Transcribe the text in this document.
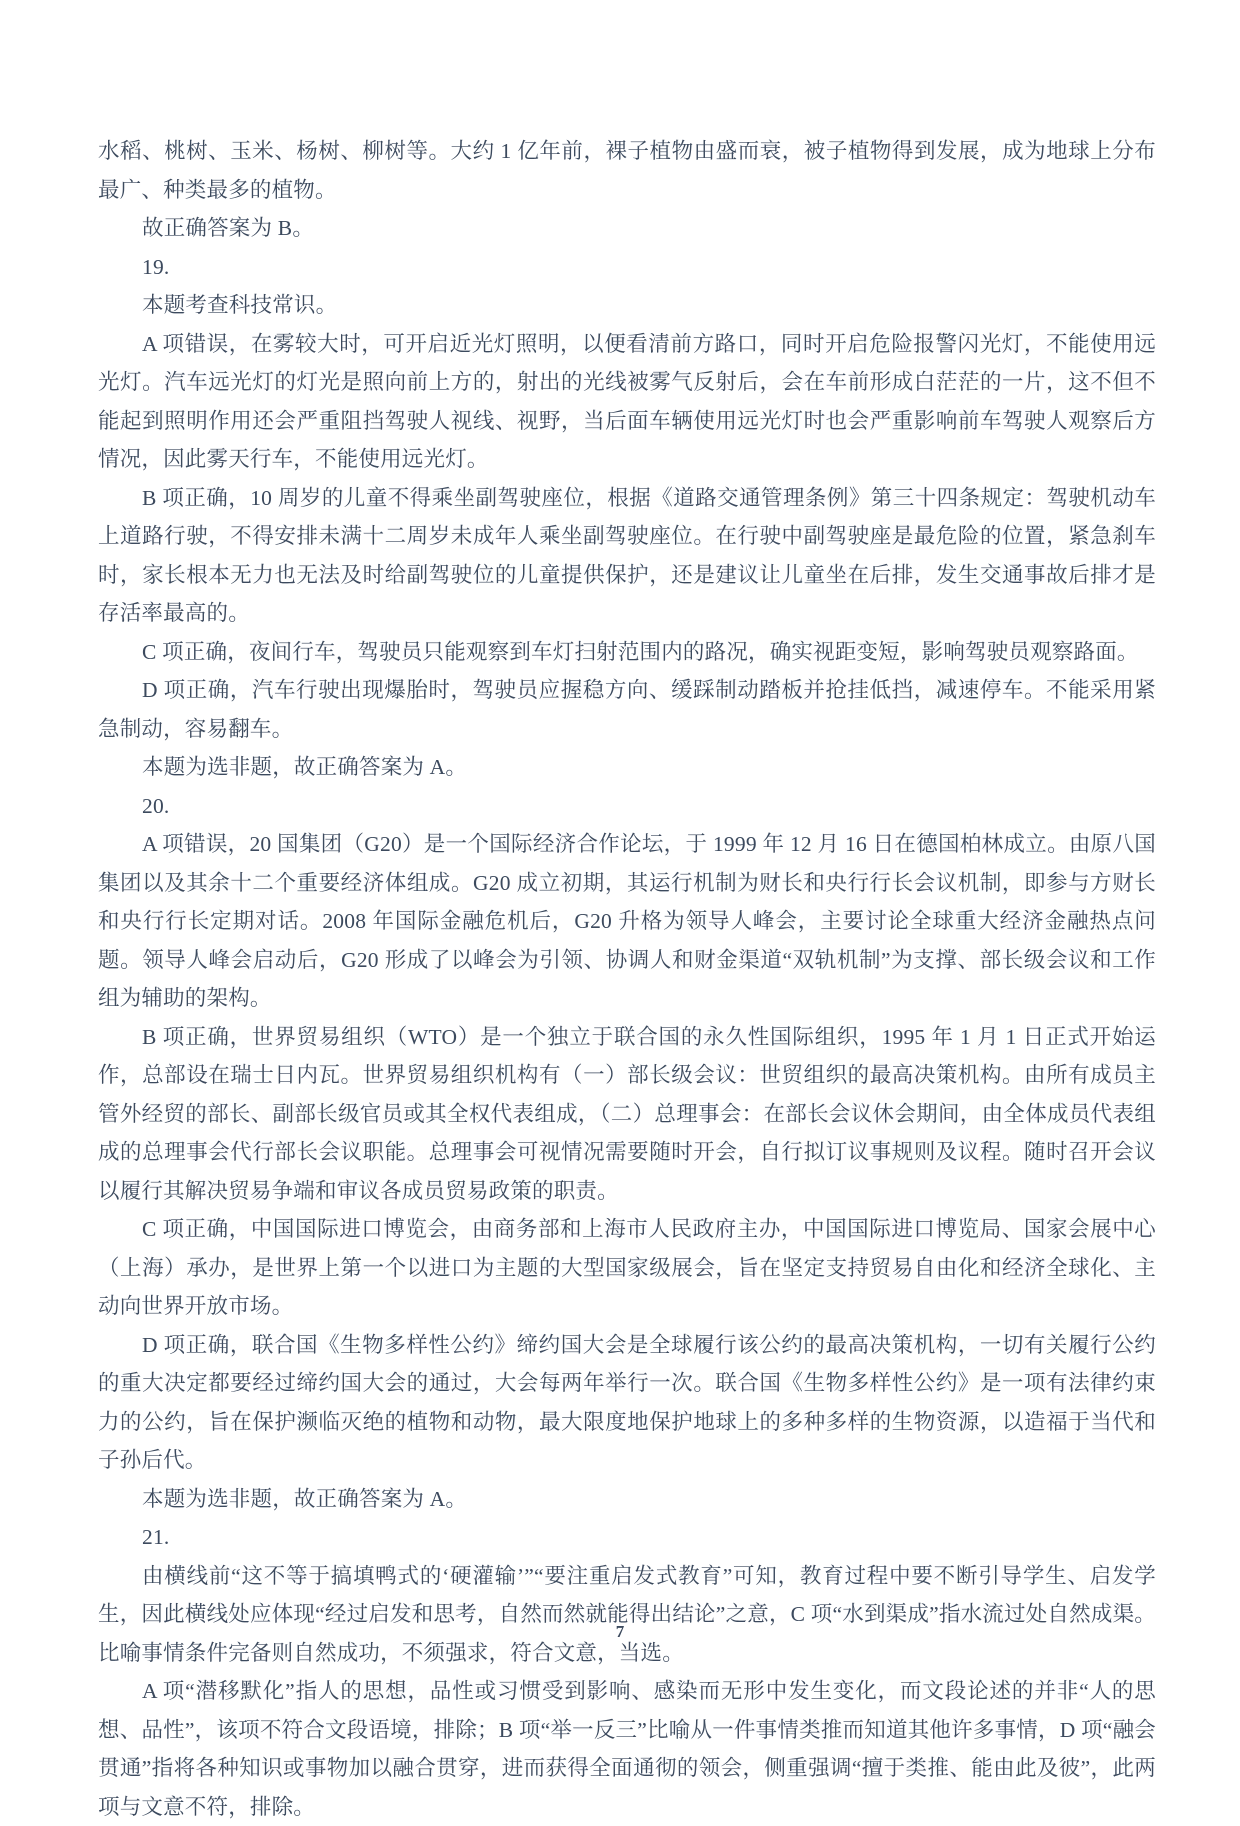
水稻、桃树、玉米、杨树、柳树等。大约 1 亿年前，裸子植物由盛而衰，被子植物得到发展，成为地球上分布最广、种类最多的植物。

故正确答案为 B。

19.

本题考查科技常识。

A 项错误，在雾较大时，可开启近光灯照明，以便看清前方路口，同时开启危险报警闪光灯，不能使用远光灯。汽车远光灯的灯光是照向前上方的，射出的光线被雾气反射后，会在车前形成白茫茫的一片，这不但不能起到照明作用还会严重阻挡驾驶人视线、视野，当后面车辆使用远光灯时也会严重影响前车驾驶人观察后方情况，因此雾天行车，不能使用远光灯。

B 项正确，10 周岁的儿童不得乘坐副驾驶座位，根据《道路交通管理条例》第三十四条规定：驾驶机动车上道路行驶，不得安排未满十二周岁未成年人乘坐副驾驶座位。在行驶中副驾驶座是最危险的位置，紧急刹车时，家长根本无力也无法及时给副驾驶位的儿童提供保护，还是建议让儿童坐在后排，发生交通事故后排才是存活率最高的。

C 项正确，夜间行车，驾驶员只能观察到车灯扫射范围内的路况，确实视距变短，影响驾驶员观察路面。

D 项正确，汽车行驶出现爆胎时，驾驶员应握稳方向、缓踩制动踏板并抢挂低挡，减速停车。不能采用紧急制动，容易翻车。

本题为选非题，故正确答案为 A。

20.

A 项错误，20 国集团（G20）是一个国际经济合作论坛，于 1999 年 12 月 16 日在德国柏林成立。由原八国集团以及其余十二个重要经济体组成。G20 成立初期，其运行机制为财长和央行行长会议机制，即参与方财长和央行行长定期对话。2008 年国际金融危机后，G20 升格为领导人峰会，主要讨论全球重大经济金融热点问题。领导人峰会启动后，G20 形成了以峰会为引领、协调人和财金渠道“双轨机制”为支撑、部长级会议和工作组为辅助的架构。

B 项正确，世界贸易组织（WTO）是一个独立于联合国的永久性国际组织，1995 年 1 月 1 日正式开始运作，总部设在瑞士日内瓦。世界贸易组织机构有（一）部长级会议：世贸组织的最高决策机构。由所有成员主管外经贸的部长、副部长级官员或其全权代表组成，（二）总理事会：在部长会议休会期间，由全体成员代表组成的总理事会代行部长会议职能。总理事会可视情况需要随时开会，自行拟订议事规则及议程。随时召开会议以履行其解决贸易争端和审议各成员贸易政策的职责。

C 项正确，中国国际进口博览会，由商务部和上海市人民政府主办，中国国际进口博览局、国家会展中心（上海）承办，是世界上第一个以进口为主题的大型国家级展会，旨在坚定支持贸易自由化和经济全球化、主动向世界开放市场。

D 项正确，联合国《生物多样性公约》缔约国大会是全球履行该公约的最高决策机构，一切有关履行公约的重大决定都要经过缔约国大会的通过，大会每两年举行一次。联合国《生物多样性公约》是一项有法律约束力的公约，旨在保护濒临灭绝的植物和动物，最大限度地保护地球上的多种多样的生物资源，以造福于当代和子孙后代。

本题为选非题，故正确答案为 A。

21.

由横线前“这不等于搞填鸭式的‘硬灌输’”“要注重启发式教育”可知，教育过程中要不断引导学生、启发学生，因此横线处应体现“经过启发和思考，自然而然就能得出结论”之意，C 项“水到渠成”指水流过处自然成渠。比喻事情条件完备则自然成功，不须强求，符合文意，当选。

A 项“潜移默化”指人的思想，品性或习惯受到影响、感染而无形中发生变化，而文段论述的并非“人的思想、品性”，该项不符合文段语境，排除；B 项“举一反三”比喻从一件事情类推而知道其他许多事情，D 项“融会贯通”指将各种知识或事物加以融合贯穿，进而获得全面通彻的领会，侧重强调“擅于类推、能由此及彼”，此两项与文意不符，排除。

7
